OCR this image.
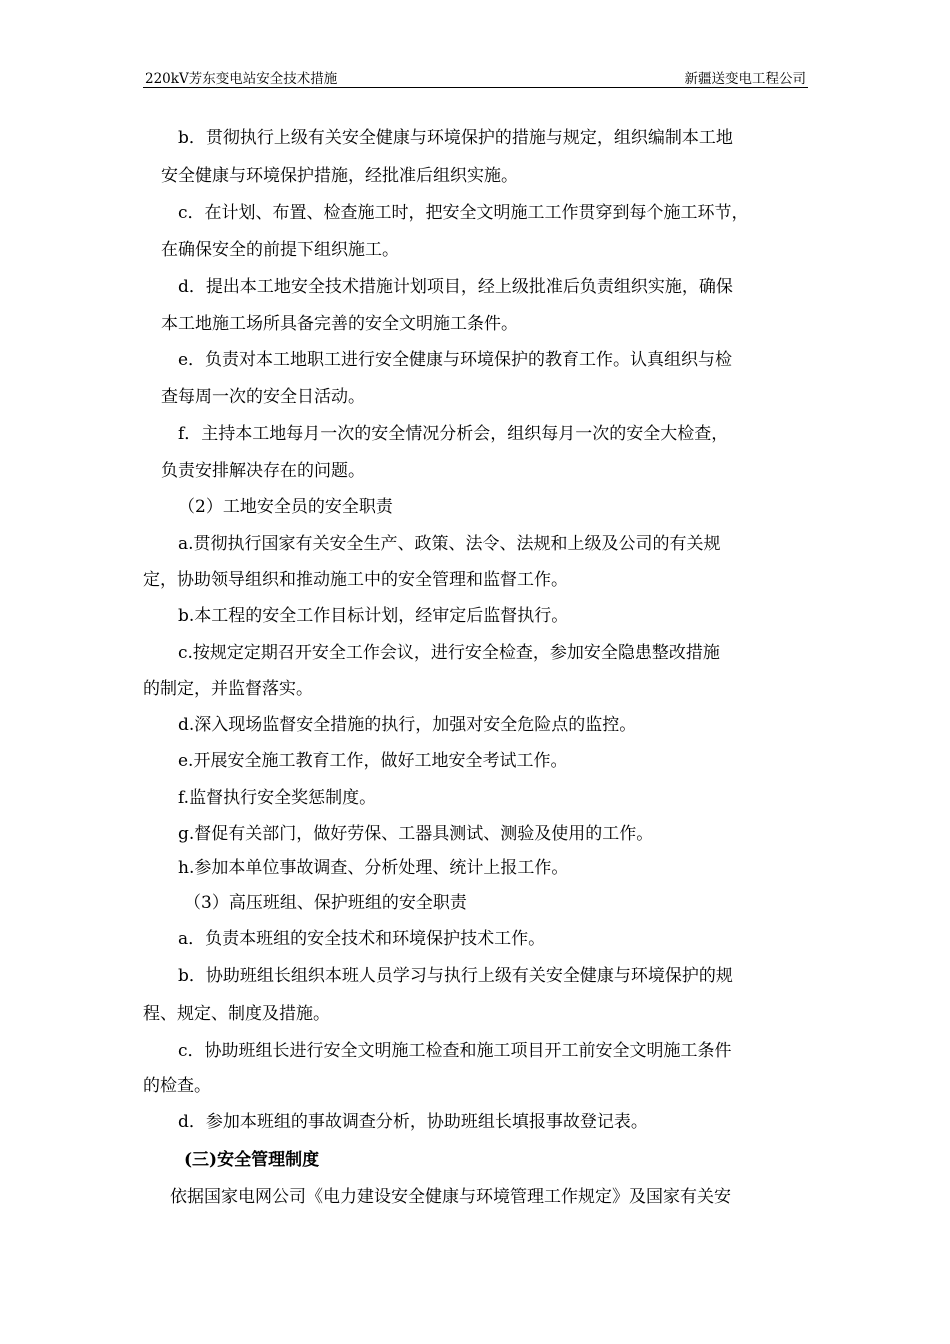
220kV芳东变电站安全技术措施	新疆送变电工程公司
b．贯彻执行上级有关安全健康与环境保护的措施与规定，组织编制本工地
安全健康与环境保护措施，经批准后组织实施。
c．在计划、布置、检查施工时，把安全文明施工工作贯穿到每个施工环节，
在确保安全的前提下组织施工。
d．提出本工地安全技术措施计划项目，经上级批准后负责组织实施，确保
本工地施工场所具备完善的安全文明施工条件。
e．负责对本工地职工进行安全健康与环境保护的教育工作。认真组织与检
查每周一次的安全日活动。
f．主持本工地每月一次的安全情况分析会，组织每月一次的安全大检查，
负责安排解决存在的问题。
（2）工地安全员的安全职责
a.贯彻执行国家有关安全生产、政策、法令、法规和上级及公司的有关规
定，协助领导组织和推动施工中的安全管理和监督工作。
b.本工程的安全工作目标计划，经审定后监督执行。
c.按规定定期召开安全工作会议，进行安全检查，参加安全隐患整改措施
的制定，并监督落实。
d.深入现场监督安全措施的执行，加强对安全危险点的监控。
e.开展安全施工教育工作，做好工地安全考试工作。
f.监督执行安全奖惩制度。
g.督促有关部门，做好劳保、工器具测试、测验及使用的工作。
h.参加本单位事故调查、分析处理、统计上报工作。
（3）高压班组、保护班组的安全职责
a．负责本班组的安全技术和环境保护技术工作。
b．协助班组长组织本班人员学习与执行上级有关安全健康与环境保护的规
程、规定、制度及措施。
c．协助班组长进行安全文明施工检查和施工项目开工前安全文明施工条件
的检查。
d．参加本班组的事故调查分析，协助班组长填报事故登记表。
(三)安全管理制度
依据国家电网公司《电力建设安全健康与环境管理工作规定》及国家有关安
